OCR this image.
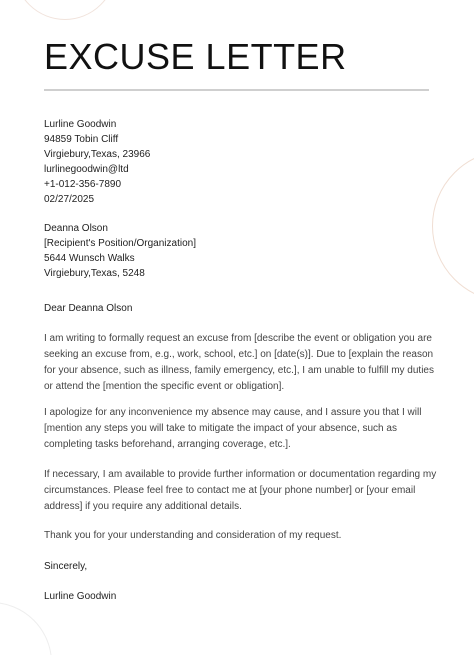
EXCUSE LETTER
Lurline Goodwin
94859 Tobin Cliff
Virgiebury,Texas, 23966
lurlinegoodwin@ltd
+1-012-356-7890
02/27/2025
Deanna Olson
[Recipient's Position/Organization]
5644 Wunsch Walks
Virgiebury,Texas, 5248
Dear Deanna Olson
I am writing to formally request an excuse from [describe the event or obligation you are seeking an excuse from, e.g., work, school, etc.] on [date(s)]. Due to [explain the reason for your absence, such as illness, family emergency, etc.], I am unable to fulfill my duties or attend the [mention the specific event or obligation].
I apologize for any inconvenience my absence may cause, and I assure you that I will [mention any steps you will take to mitigate the impact of your absence, such as completing tasks beforehand, arranging coverage, etc.].
If necessary, I am available to provide further information or documentation regarding my circumstances. Please feel free to contact me at [your phone number] or [your email address] if you require any additional details.
Thank you for your understanding and consideration of my request.
Sincerely,
Lurline Goodwin
